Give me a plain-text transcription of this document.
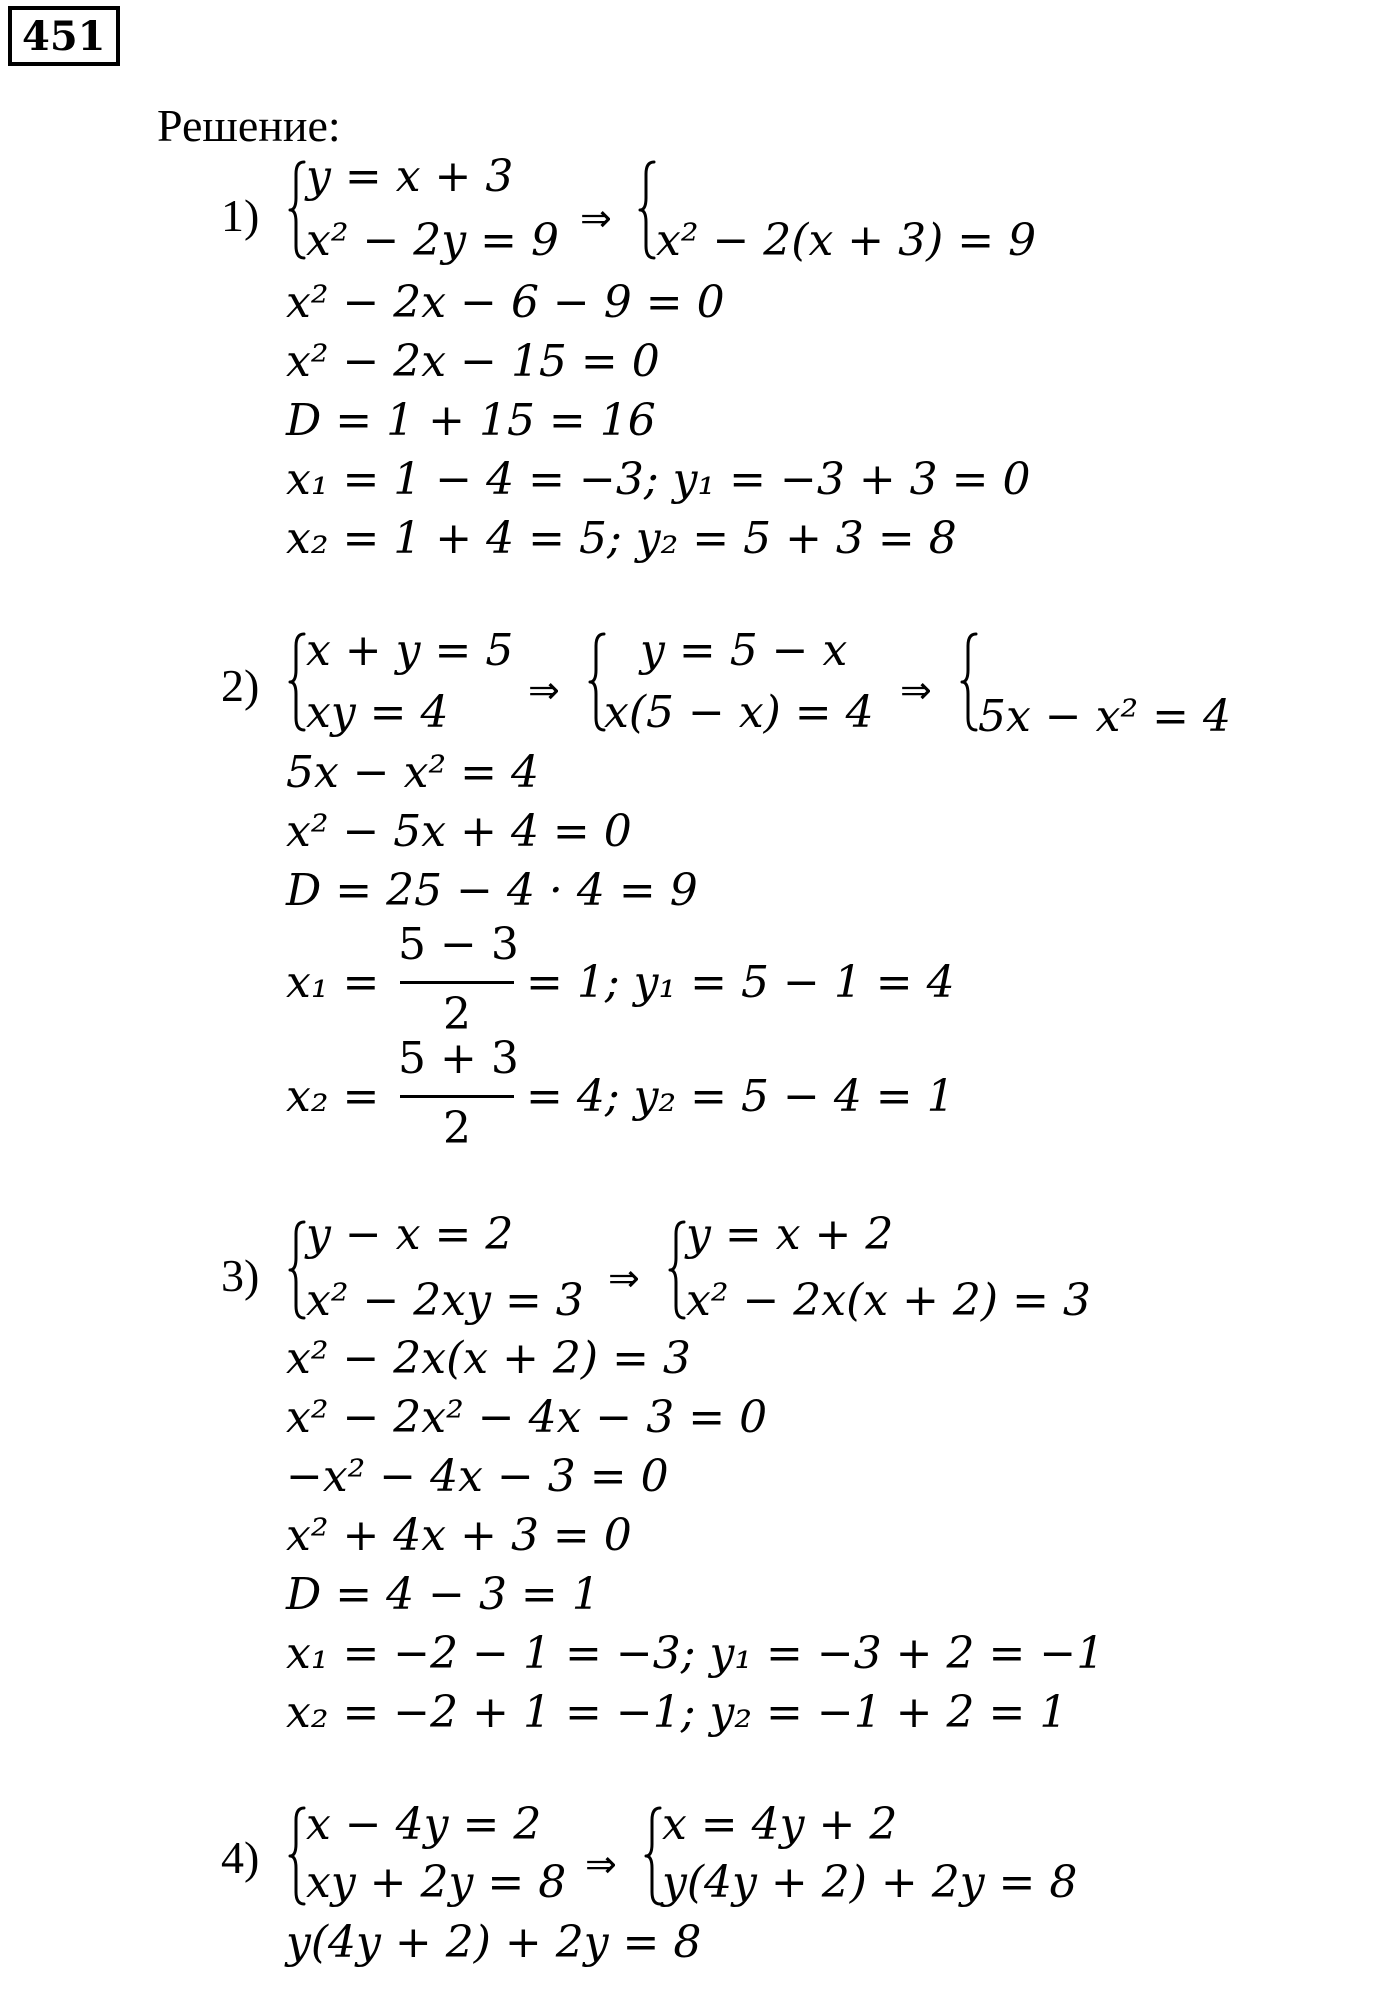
451
Решение:
1)
y = x + 3
x² − 2y = 9 ⇒ x² − 2(x + 3) = 9
x² − 2x − 6 − 9 = 0
x² − 2x − 15 = 0
D = 1 + 15 = 16
x₁ = 1 − 4 = −3; y₁ = −3 + 3 = 0
x₂ = 1 + 4 = 5; y₂ = 5 + 3 = 8
2)
x + y = 5
xy = 4 ⇒
y = 5 − x
x(5 − x) = 4 ⇒
5x − x² = 4
5x − x² = 4
x² − 5x + 4 = 0
D = 25 − 4 · 4 = 9
x₁ =
5 − 3
2
= 1; y₁ = 5 − 1 = 4
x₂ =
5 + 3
2
= 4; y₂ = 5 − 4 = 1
3)
y − x = 2
x² − 2xy = 3 ⇒
y = x + 2
x² − 2x(x + 2) = 3
x² − 2x(x + 2) = 3
x² − 2x² − 4x − 3 = 0
−x² − 4x − 3 = 0
x² + 4x + 3 = 0
D = 4 − 3 = 1
x₁ = −2 − 1 = −3; y₁ = −3 + 2 = −1
x₂ = −2 + 1 = −1; y₂ = −1 + 2 = 1
4)
x − 4y = 2
xy + 2y = 8 ⇒
x = 4y + 2
y(4y + 2) + 2y = 8
y(4y + 2) + 2y = 8
